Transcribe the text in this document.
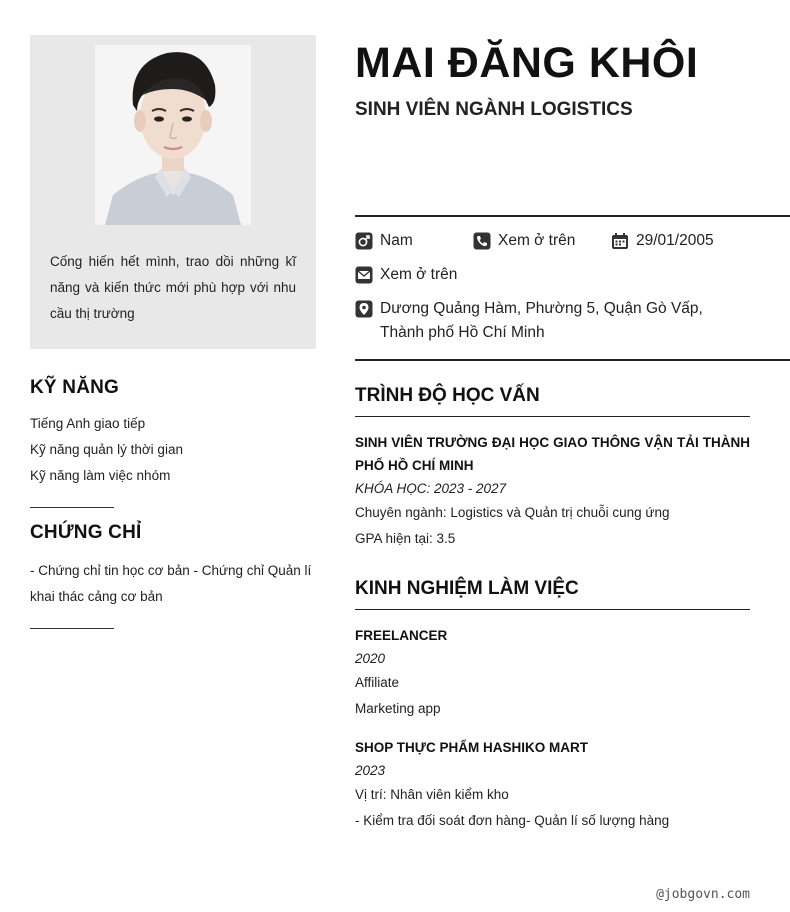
Cống hiến hết mình, trao dồi những kĩ năng và kiến thức mới phù hợp với nhu cầu thị trường
KỸ NĂNG
Tiếng Anh giao tiếp
Kỹ năng quản lý thời gian
Kỹ năng làm việc nhóm
CHỨNG CHỈ
- Chứng chỉ tin học cơ bản - Chứng chỉ Quản lí khai thác cảng cơ bản
MAI ĐĂNG KHÔI
SINH VIÊN NGÀNH LOGISTICS
Nam	Xem ở trên	29/01/2005
Xem ở trên
Dương Quảng Hàm, Phường 5, Quận Gò Vấp, Thành phố Hồ Chí Minh
TRÌNH ĐỘ HỌC VẤN
SINH VIÊN TRƯỜNG ĐẠI HỌC GIAO THÔNG VẬN TẢI THÀNH PHỐ HỒ CHÍ MINH
KHÓA HỌC: 2023 - 2027
Chuyên ngành: Logistics và Quản trị chuỗi cung ứng
GPA hiện tại: 3.5
KINH NGHIỆM LÀM VIỆC
FREELANCER
2020
Affiliate
Marketing app
SHOP THỰC PHẨM HASHIKO MART
2023
Vị trí: Nhân viên kiểm kho
- Kiểm tra đối soát đơn hàng- Quản lí số lượng hàng
@jobgovn.com
